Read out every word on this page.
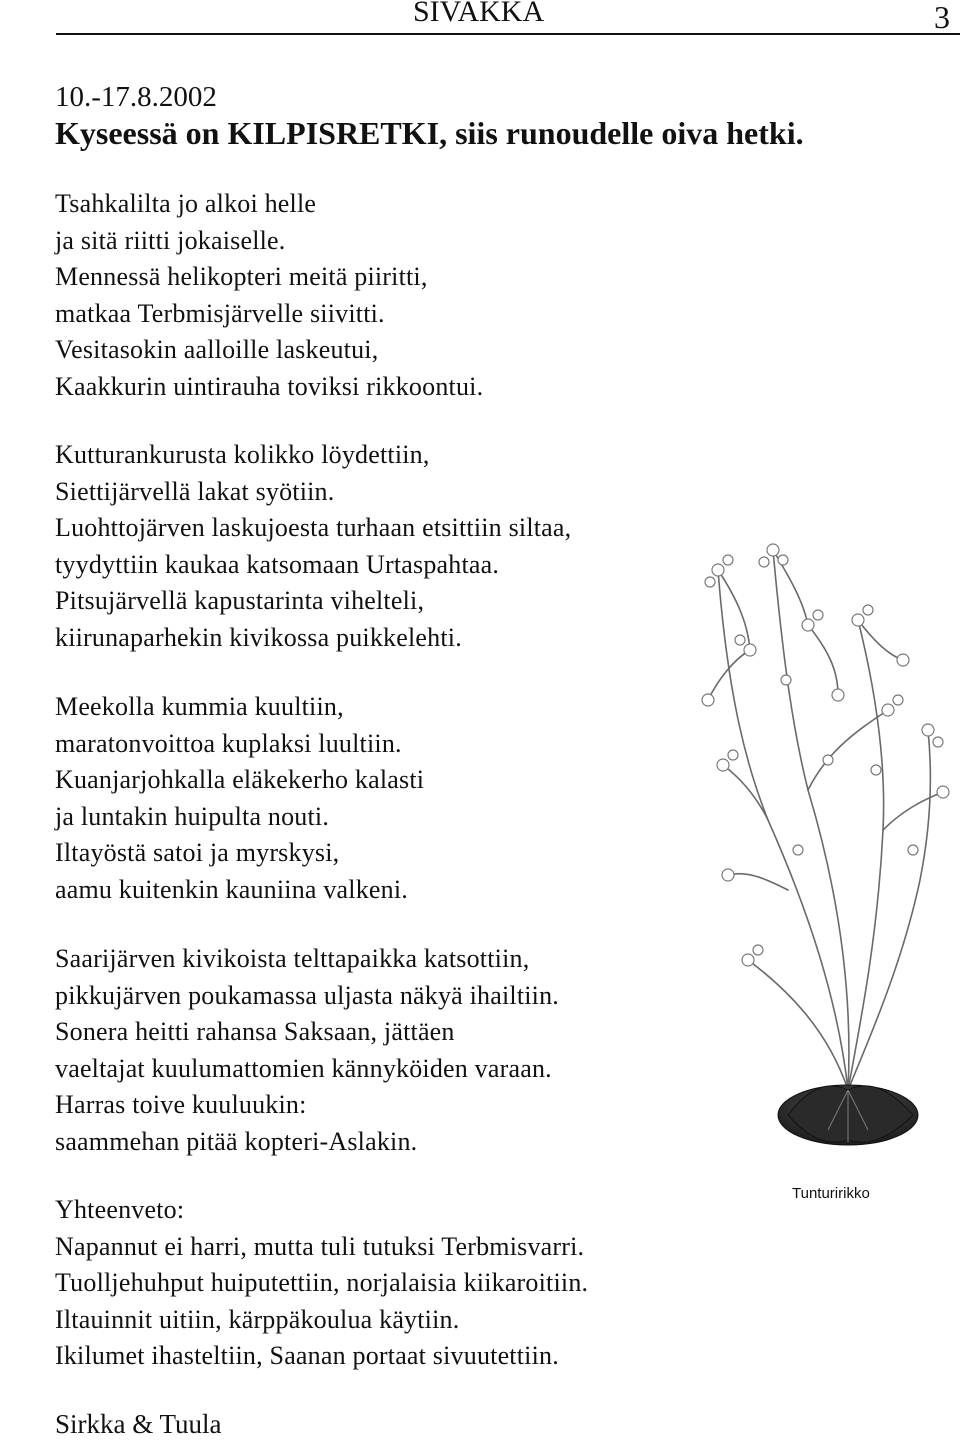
SIVAKKA	3
10.-17.8.2002
Kyseessä on KILPISRETKI, siis runoudelle oiva hetki.
Tsahkalilta jo alkoi helle
ja sitä riitti jokaiselle.
Mennessä helikopteri meitä piiritti,
matkaa Terbmisjärvelle siivitti.
Vesitasokin aalloille laskeutui,
Kaakkurin uintirauha toviksi rikkoontui.
Kutturankurusta kolikko löydettiin,
Siettijärvellä lakat syötiin.
Luohttojärven laskujoesta turhaan etsittiin siltaa,
tyydyttiin kaukaa katsomaan Urtaspahtaa.
Pitsujärvellä kapustarinta vihelteli,
kiirunaparhekin kivikossa puikkelehti.
Meekolla kummia kuultiin,
maratonvoittoa kuplaksi luultiin.
Kuanjarjohkalla eläkekerho kalasti
ja luntakin huipulta nouti.
Iltayöstä satoi ja myrskysi,
aamu kuitenkin kauniina valkeni.
Saarijärven kivikoista telttapaikka katsottiin,
pikkujärven poukamassa uljasta näkyä ihailtiin.
Sonera heitti rahansa Saksaan, jättäen
vaeltajat kuulumattomien kännyköiden varaan.
Harras toive kuuluukin:
saammehan pitää kopteri-Aslakin.
Yhteenveto:
Napannut ei harri, mutta tuli tutuksi Terbmisvarri.
Tuolljehuhput huiputettiin, norjalaisia kiikaroitiin.
Iltauinnit uitiin, kärppäkoulua käytiin.
Ikilumet ihasteltiin, Saanan portaat sivuutettiin.
Sirkka & Tuula
Tunturirikko
